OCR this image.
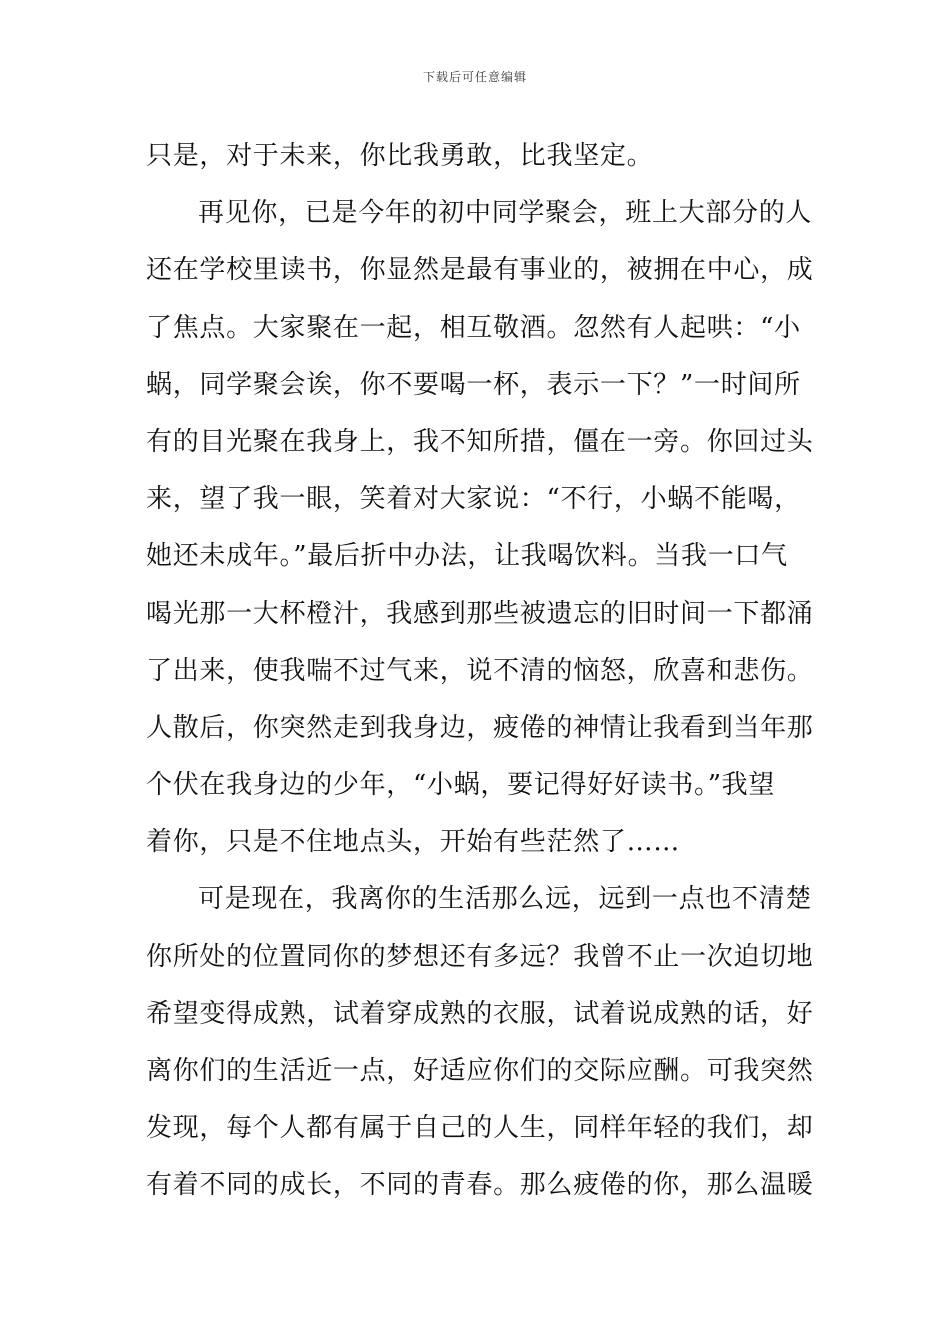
下载后可任意编辑
只是，对于未来，你比我勇敢，比我坚定。
再见你，已是今年的初中同学聚会，班上大部分的人
还在学校里读书，你显然是最有事业的，被拥在中心，成
了焦点。大家聚在一起，相互敬酒。忽然有人起哄：“小
蜗，同学聚会诶，你不要喝一杯，表示一下？”一时间所
有的目光聚在我身上，我不知所措，僵在一旁。你回过头
来，望了我一眼，笑着对大家说：“不行，小蜗不能喝，
她还未成年。”最后折中办法，让我喝饮料。当我一口气
喝光那一大杯橙汁，我感到那些被遗忘的旧时间一下都涌
了出来，使我喘不过气来，说不清的恼怒，欣喜和悲伤。
人散后，你突然走到我身边，疲倦的神情让我看到当年那
个伏在我身边的少年，“小蜗，要记得好好读书。”我望
着你，只是不住地点头，开始有些茫然了……
可是现在，我离你的生活那么远，远到一点也不清楚
你所处的位置同你的梦想还有多远？我曾不止一次迫切地
希望变得成熟，试着穿成熟的衣服，试着说成熟的话，好
离你们的生活近一点，好适应你们的交际应酬。可我突然
发现，每个人都有属于自己的人生，同样年轻的我们，却
有着不同的成长，不同的青春。那么疲倦的你，那么温暖
